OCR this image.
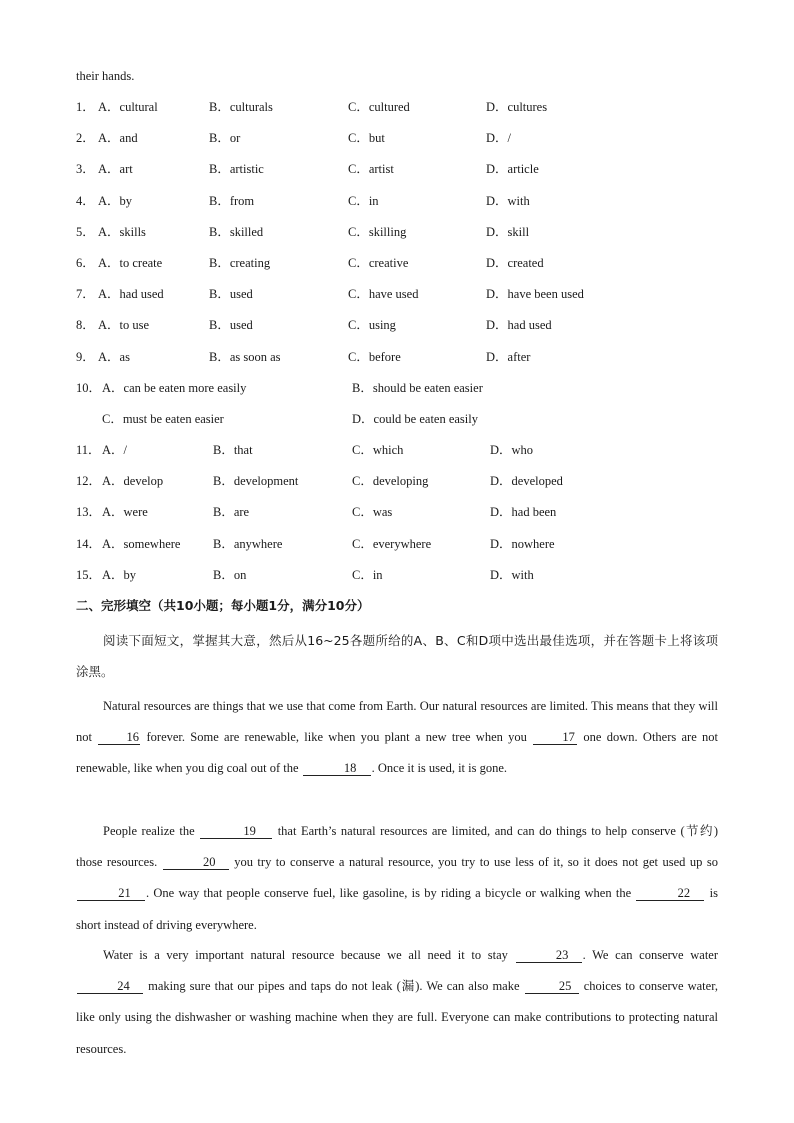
their hands.
1． A．cultural	B．culturals	C．cultured	D．cultures
2． A．and	B．or	C．but	D．/
3． A．art	B．artistic	C．artist	D．article
4． A．by	B．from	C．in	D．with
5． A．skills	B．skilled	C．skilling	D．skill
6． A．to create	B．creating	C．creative	D．created
7． A．had used	B．used	C．have used	D．have been used
8． A．to use	B．used	C．using	D．had used
9． A．as	B．as soon as	C．before	D．after
10． A．can be eaten more easily	B．should be eaten easier
C．must be eaten easier	D．could be eaten easily
11． A．/	B．that	C．which	D．who
12． A．develop	B．development	C．developing	D．developed
13． A．were	B．are	C．was	D．had been
14． A．somewhere	B．anywhere	C．everywhere	D．nowhere
15． A．by	B．on	C．in	D．with
二、完形填空（共10小题；每小题1分，满分10分）
阅读下面短文，掌握其大意，然后从16~25各题所给的A、B、C和D项中选出最佳选项，并在答题卡上将该项涂黑。
Natural resources are things that we use that come from Earth. Our natural resources are limited. This means that they will not 16 forever. Some are renewable, like when you plant a new tree when you 17 one down. Others are not renewable, like when you dig coal out of the	18 . Once it is used, it is gone.
People realize the	19 that Earth’s natural resources are limited, and can do things to help conserve (节约) those resources.	20 you try to conserve a natural resource, you try to use less of it, so it does not get used up so 21 . One way that people conserve fuel, like gasoline, is by riding a bicycle or walking when the	22 is short instead of driving everywhere.
Water is a very important natural resource because we all need it to stay	23 . We can conserve water 24 making sure that our pipes and taps do not leak (漏). We can also make	25 choices to conserve water, like only using the dishwasher or washing machine when they are full. Everyone can make contributions to protecting natural resources.
